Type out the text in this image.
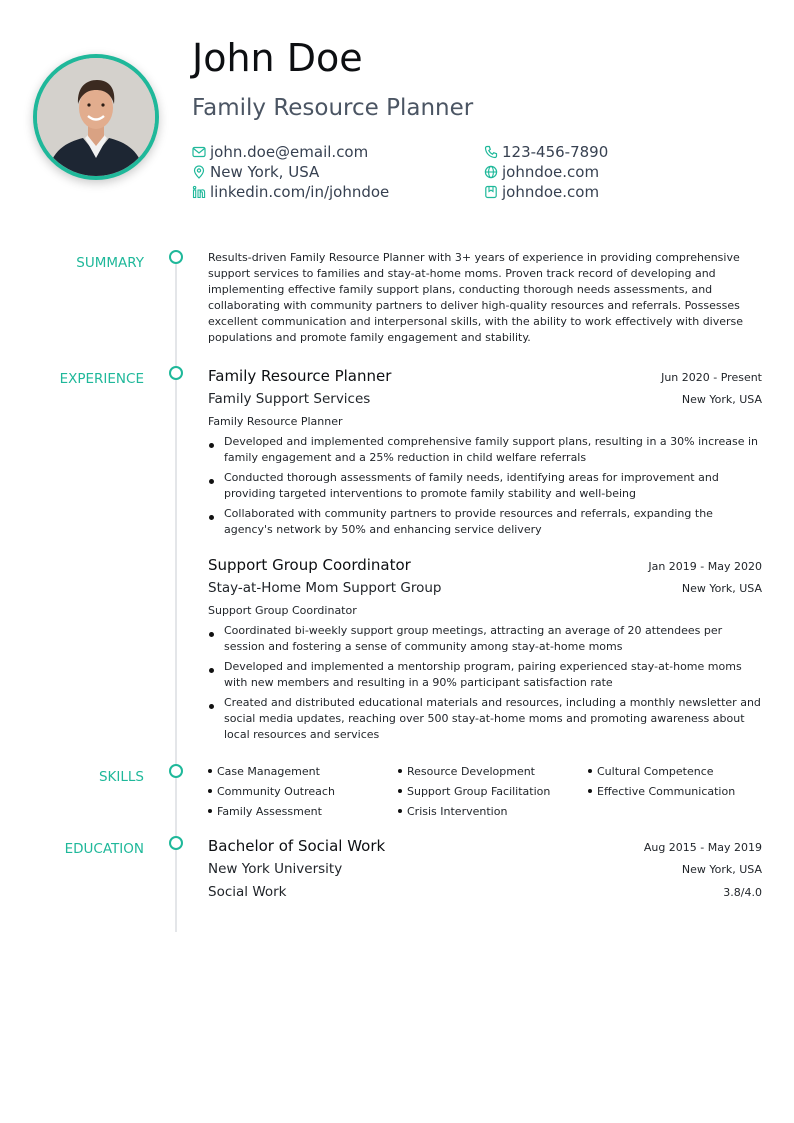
John Doe
Family Resource Planner
john.doe@email.com	123-456-7890
New York, USA	johndoe.com
linkedin.com/in/johndoe	johndoe.com
SUMMARY	Results-driven Family Resource Planner with 3+ years of experience in providing comprehensive support services to families and stay-at-home moms. Proven track record of developing and implementing effective family support plans, conducting thorough needs assessments, and collaborating with community partners to deliver high-quality resources and referrals. Possesses excellent communication and interpersonal skills, with the ability to work effectively with diverse populations and promote family engagement and stability.
EXPERIENCE	Family Resource Planner	Jun 2020 - Present
Family Support Services	New York, USA
Family Resource Planner
Developed and implemented comprehensive family support plans, resulting in a 30% increase in family engagement and a 25% reduction in child welfare referrals
Conducted thorough assessments of family needs, identifying areas for improvement and providing targeted interventions to promote family stability and well-being
Collaborated with community partners to provide resources and referrals, expanding the agency's network by 50% and enhancing service delivery
Support Group Coordinator	Jan 2019 - May 2020
Stay-at-Home Mom Support Group	New York, USA
Support Group Coordinator
Coordinated bi-weekly support group meetings, attracting an average of 20 attendees per session and fostering a sense of community among stay-at-home moms
Developed and implemented a mentorship program, pairing experienced stay-at-home moms with new members and resulting in a 90% participant satisfaction rate
Created and distributed educational materials and resources, including a monthly newsletter and social media updates, reaching over 500 stay-at-home moms and promoting awareness about local resources and services
SKILLS	Case Management	Resource Development	Cultural Competence
Community Outreach	Support Group Facilitation	Effective Communication
Family Assessment	Crisis Intervention
EDUCATION	Bachelor of Social Work	Aug 2015 - May 2019
New York University	New York, USA
Social Work	3.8/4.0
